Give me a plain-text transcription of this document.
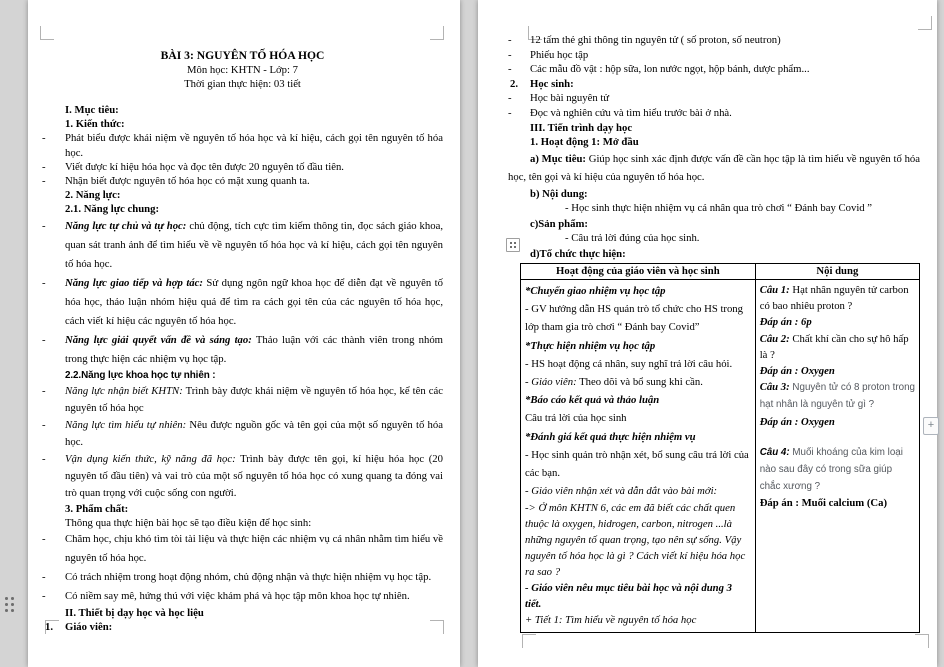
BÀI 3: NGUYÊN TỐ HÓA HỌC
Môn học: KHTN - Lớp: 7
Thời gian thực hiện: 03 tiết
I. Mục tiêu:
1. Kiến thức:
- Phát biểu được khái niệm về nguyên tố hóa học và kí hiệu, cách gọi tên nguyên tố hóa học.
- Viết được kí hiệu hóa học và đọc tên được 20 nguyên tố đầu tiên.
- Nhận biết được nguyên tố hóa học có mặt xung quanh ta.
2. Năng lực:
2.1. Năng lực chung:
- Năng lực tự chủ và tự học: chủ động, tích cực tìm kiếm thông tin, đọc sách giáo khoa, quan sát tranh ảnh để tìm hiểu về về nguyên tố hóa học và kí hiệu, cách gọi tên nguyên tố hóa học.
- Năng lực giao tiếp và hợp tác: Sử dụng ngôn ngữ khoa học để diễn đạt về nguyên tố hóa học, thảo luận nhóm hiệu quả để tìm ra cách gọi tên của các nguyên tố hóa học, cách viết kí hiệu các nguyên tố hóa học.
- Năng lực giải quyết vấn đề và sáng tạo: Thảo luận với các thành viên trong nhóm trong thực hiện các nhiệm vụ học tập.
2.2.Năng lực khoa học tự nhiên :
- Năng lực nhận biết KHTN: Trình bày được khái niệm về nguyên tố hóa học, kể tên các nguyên tố hóa học
- Năng lực tìm hiểu tự nhiên: Nêu được nguồn gốc và tên gọi của một số nguyên tố hóa học.
- Vận dụng kiến thức, kỹ năng đã học: Trình bày được tên gọi, kí hiệu hóa học (20 nguyên tố đầu tiên) và vai trò của một số nguyên tố hóa học có xung quang ta đóng vai trò quan trọng với cuộc sống con người.
3. Phẩm chất:
Thông qua thực hiện bài học sẽ tạo điều kiện để học sinh:
- Chăm học, chịu khó tìm tòi tài liệu và thực hiện các nhiệm vụ cá nhân nhằm tìm hiểu về nguyên tố hóa học.
- Có trách nhiệm trong hoạt động nhóm, chủ động nhận và thực hiện nhiệm vụ học tập.
- Có niềm say mê, hứng thú với việc khám phá và học tập môn khoa học tự nhiên.
II. Thiết bị dạy học và học liệu
1. Giáo viên:
- 12 tấm thẻ ghi thông tin nguyên tử ( số proton, số neutron)
- Phiếu học tập
- Các mẫu đồ vật : hộp sữa, lon nước ngọt, hộp bánh, dược phẩm...
2. Học sinh:
- Học bài nguyên tử
- Đọc và nghiên cứu và tìm hiểu trước bài ở nhà.
III. Tiến trình dạy học
1. Hoạt động 1: Mở đầu
a) Mục tiêu: Giúp học sinh xác định được vấn đề cần học tập là tìm hiểu về nguyên tố hóa học, tên gọi và kí hiệu của nguyên tố hóa học.
b) Nội dung:
- Học sinh thực hiện nhiệm vụ cá nhân qua trò chơi “ Đánh bay Covid ”
c)Sản phẩm:
- Câu trả lời đúng của học sinh.
d)Tổ chức thực hiện:
Hoạt động của giáo viên và học sinh
*Chuyển giao nhiệm vụ học tập
- GV hướng dẫn HS quản trò tổ chức cho HS trong lớp tham gia trò chơi “ Đánh bay Covid”
*Thực hiện nhiệm vụ học tập
- HS hoạt động cá nhân, suy nghĩ trả lời câu hỏi.
- Giáo viên: Theo dõi và bổ sung khi cần.
*Báo cáo kết quả và thảo luận
Câu trả lời của học sinh
*Đánh giá kết quả thực hiện nhiệm vụ
- Học sinh quản trò nhận xét, bổ sung câu trả lời của các bạn.
- Giáo viên nhận xét và dẫn dắt vào bài mới:
-> Ở môn KHTN 6, các em đã biết các chất quen thuộc là oxygen, hidrogen, carbon, nitrogen ...là những nguyên tố quan trọng, tạo nên sự sống. Vậy nguyên tố hóa học là gì ? Cách viết kí hiệu hóa học ra sao ?
- Giáo viên nêu mục tiêu bài học và nội dung 3 tiết.
+ Tiết 1: Tìm hiểu về nguyên tố hóa học
Nội dung
Câu 1: Hạt nhân nguyên tử carbon có bao nhiêu proton ?
Đáp án : 6p
Câu 2: Chất khí cần cho sự hô hấp là ?
Đáp án : Oxygen
Câu 3: Nguyên tử có 8 proton trong hạt nhân là nguyên tử gì ?
Đáp án : Oxygen
Câu 4: Muối khoáng của kim loại nào sau đây có trong sữa giúp chắc xương ?
Đáp án : Muối calcium (Ca)
+
